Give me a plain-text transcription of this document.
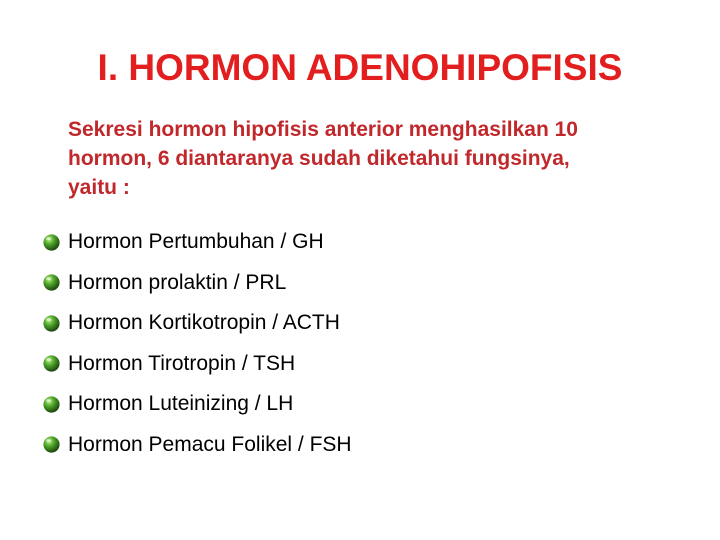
I. HORMON ADENOHIPOFISIS
Sekresi hormon hipofisis anterior menghasilkan 10
hormon, 6 diantaranya sudah diketahui fungsinya,
yaitu :
Hormon Pertumbuhan / GH
Hormon prolaktin / PRL
Hormon Kortikotropin / ACTH
Hormon Tirotropin / TSH
Hormon Luteinizing / LH
Hormon Pemacu Folikel / FSH
